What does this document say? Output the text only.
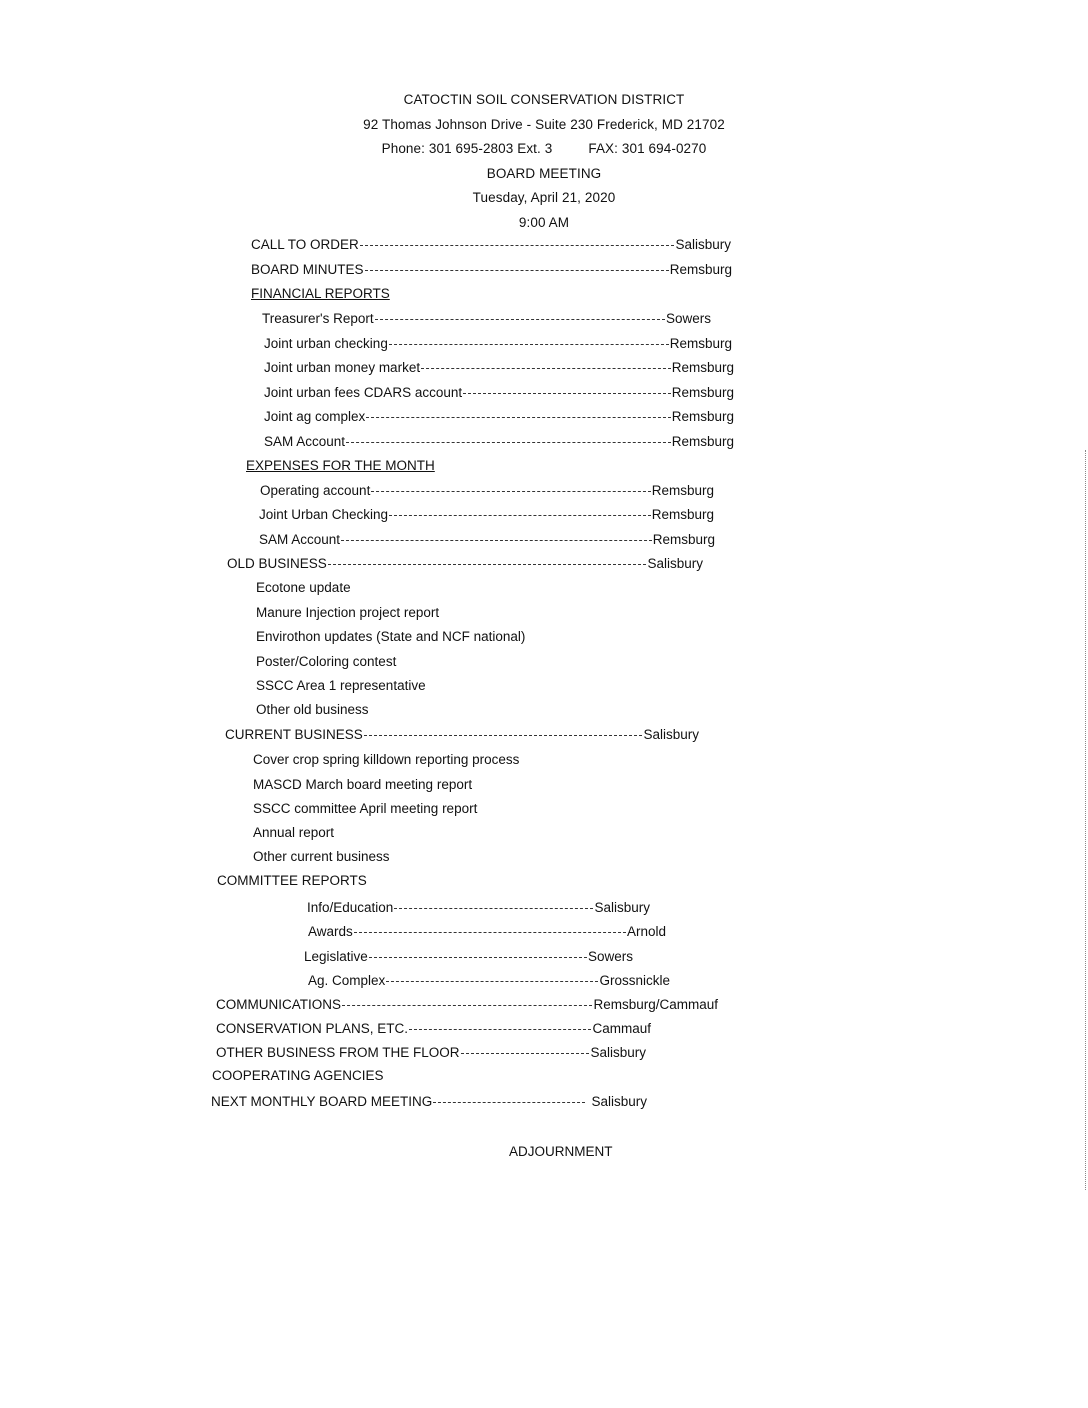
CATOCTIN SOIL CONSERVATION DISTRICT
92 Thomas Johnson Drive - Suite 230 Frederick, MD 21702
Phone: 301 695-2803 Ext. 3	FAX: 301 694-0270
BOARD MEETING
Tuesday, April 21, 2020
9:00 AM
CALL TO ORDER	Salisbury
BOARD MINUTES	Remsburg
FINANCIAL REPORTS
Treasurer's Report	Sowers
Joint urban checking	Remsburg
Joint urban money market	Remsburg
Joint urban fees CDARS account	Remsburg
Joint ag complex	Remsburg
SAM Account	Remsburg
EXPENSES FOR THE MONTH
Operating account	Remsburg
Joint Urban Checking	Remsburg
SAM Account	Remsburg
OLD BUSINESS	Salisbury
Ecotone update
Manure Injection project report
Envirothon updates (State and NCF national)
Poster/Coloring contest
SSCC Area 1 representative
Other old business
CURRENT BUSINESS	Salisbury
Cover crop spring killdown reporting process
MASCD March board meeting report
SSCC committee April meeting report
Annual report
Other current business
COMMITTEE REPORTS
Info/Education	Salisbury
Awards	Arnold
Legislative	Sowers
Ag. Complex	Grossnickle
COMMUNICATIONS	Remsburg/Cammauf
CONSERVATION PLANS, ETC.	Cammauf
OTHER BUSINESS FROM THE FLOOR	Salisbury
COOPERATING AGENCIES
NEXT MONTHLY BOARD MEETING	Salisbury
ADJOURNMENT
